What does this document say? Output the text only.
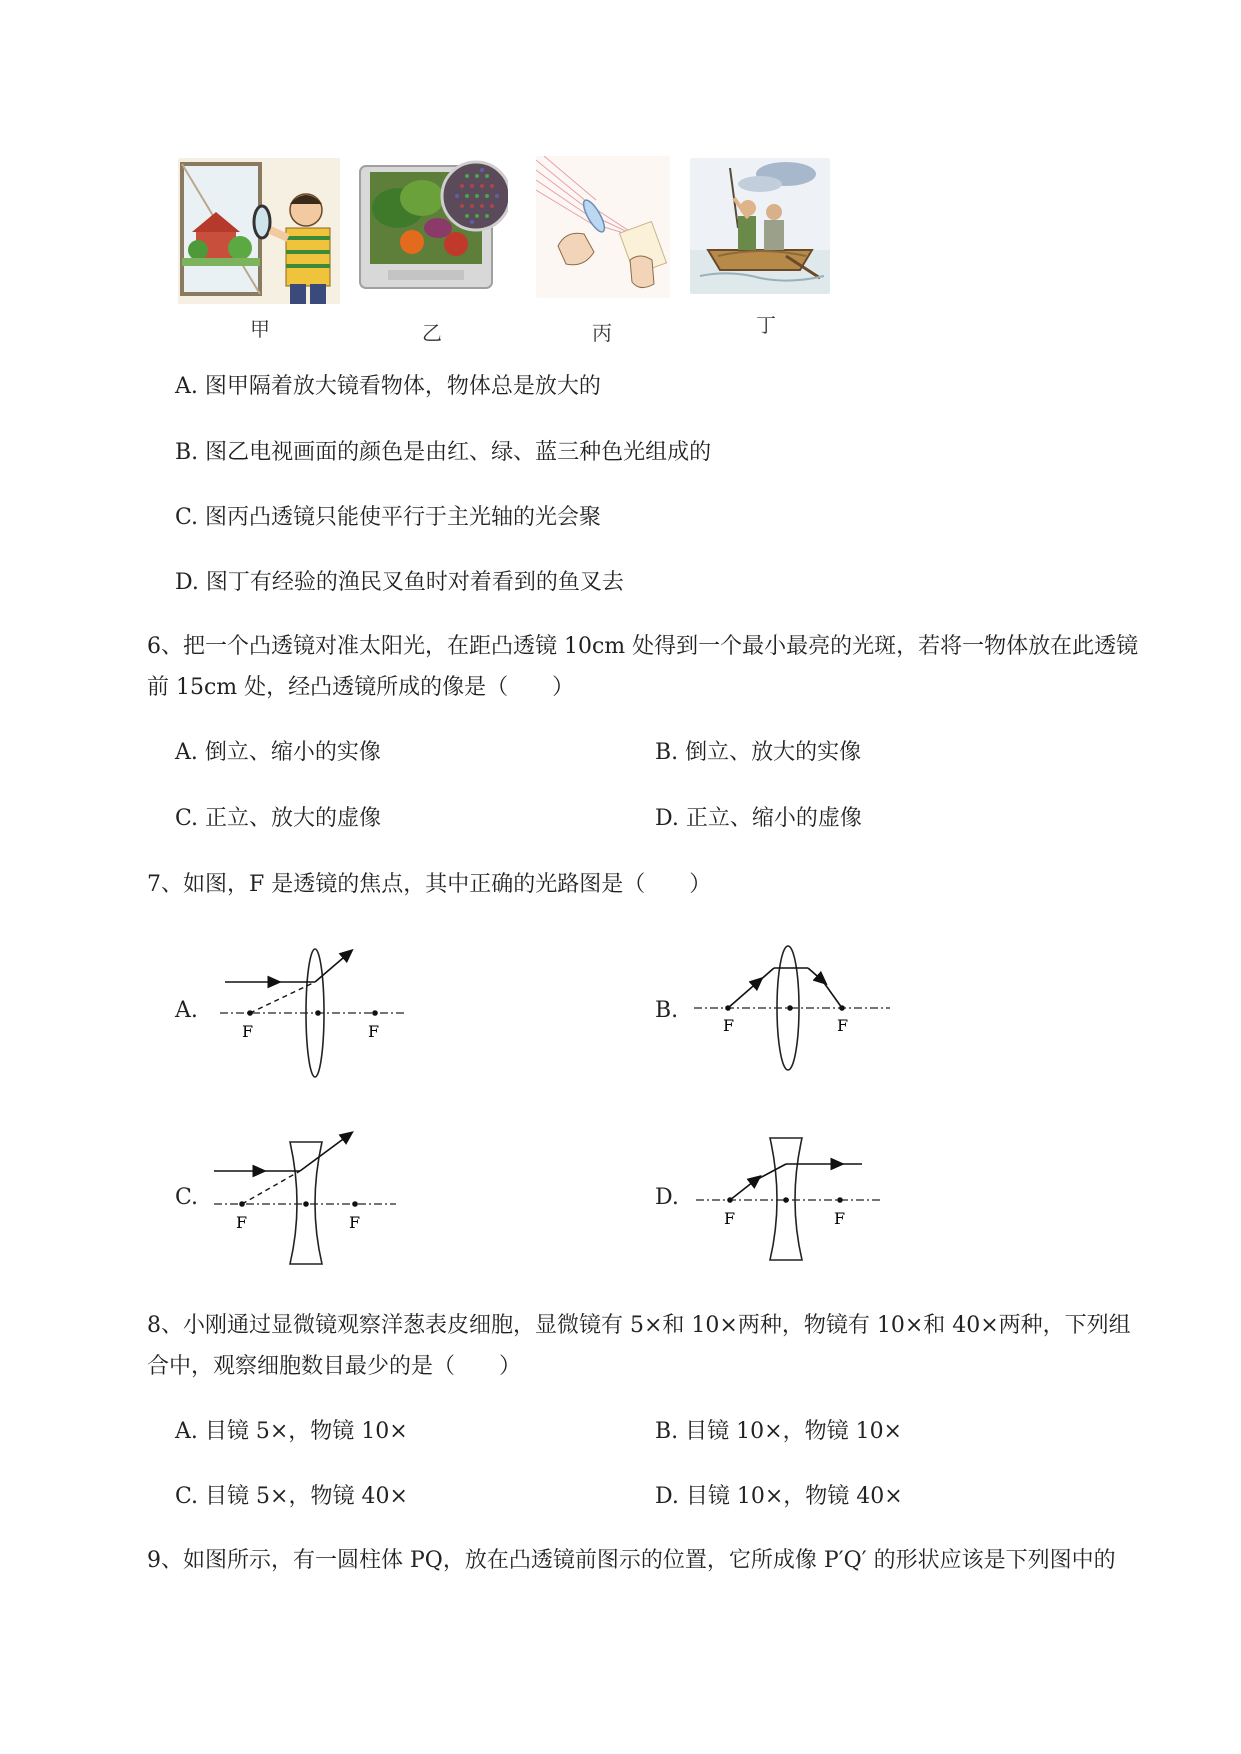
甲	乙	丙	丁
A. 图甲隔着放大镜看物体，物体总是放大的
B. 图乙电视画面的颜色是由红、绿、蓝三种色光组成的
C. 图丙凸透镜只能使平行于主光轴的光会聚
D. 图丁有经验的渔民叉鱼时对着看到的鱼叉去
6、把一个凸透镜对准太阳光，在距凸透镜 10cm 处得到一个最小最亮的光斑，若将一物体放在此透镜
前 15cm 处，经凸透镜所成的像是（　　）
A. 倒立、缩小的实像	B. 倒立、放大的实像
C. 正立、放大的虚像	D. 正立、缩小的虚像
7、如图，F 是透镜的焦点，其中正确的光路图是（　　）
A.
F	F
B.
F	F
C.
F	F
D.
F	F
8、小刚通过显微镜观察洋葱表皮细胞，显微镜有 5×和 10×两种，物镜有 10×和 40×两种，下列组
合中，观察细胞数目最少的是（　　）
A. 目镜 5×，物镜 10×	B. 目镜 10×，物镜 10×
C. 目镜 5×，物镜 40×	D. 目镜 10×，物镜 40×
9、如图所示，有一圆柱体 PQ，放在凸透镜前图示的位置，它所成像 P′Q′ 的形状应该是下列图中的
